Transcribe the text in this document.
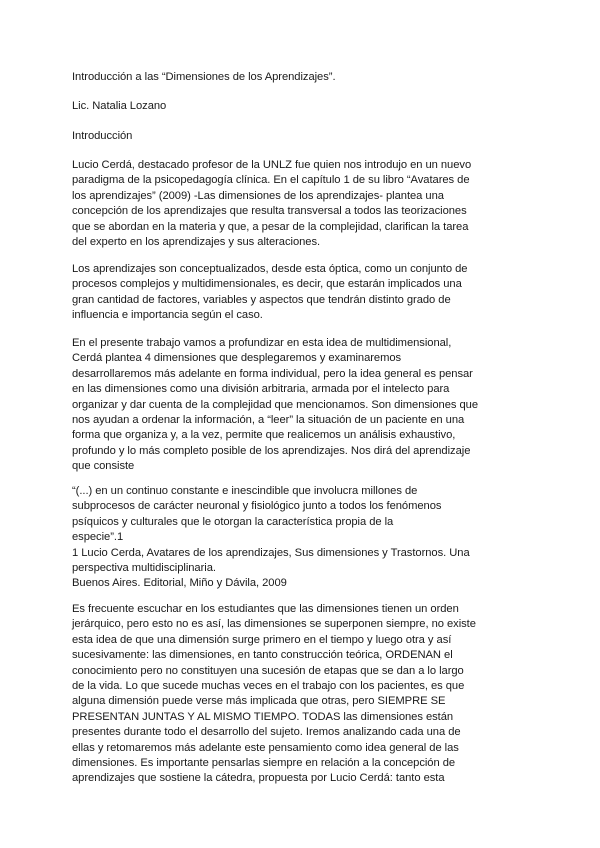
Introducción a las “Dimensiones de los Aprendizajes”.

Lic. Natalia Lozano

Introducción

Lucio Cerdá, destacado profesor de la UNLZ fue quien nos introdujo en un nuevo
paradigma de la psicopedagogía clínica. En el capítulo 1 de su libro “Avatares de
los aprendizajes” (2009) -Las dimensiones de los aprendizajes- plantea una
concepción de los aprendizajes que resulta transversal a todos las teorizaciones
que se abordan en la materia y que, a pesar de la complejidad, clarifican la tarea
del experto en los aprendizajes y sus alteraciones.

Los aprendizajes son conceptualizados, desde esta óptica, como un conjunto de
procesos complejos y multidimensionales, es decir, que estarán implicados una
gran cantidad de factores, variables y aspectos que tendrán distinto grado de
influencia e importancia según el caso.

En el presente trabajo vamos a profundizar en esta idea de multidimensional,
Cerdá plantea 4 dimensiones que desplegaremos y examinaremos
desarrollaremos más adelante en forma individual, pero la idea general es pensar
en las dimensiones como una división arbitraria, armada por el intelecto para
organizar y dar cuenta de la complejidad que mencionamos. Son dimensiones que
nos ayudan a ordenar la información, a “leer” la situación de un paciente en una
forma que organiza y, a la vez, permite que realicemos un análisis exhaustivo,
profundo y lo más completo posible de los aprendizajes. Nos dirá del aprendizaje
que consiste

“(...) en un continuo constante e inescindible que involucra millones de
subprocesos de carácter neuronal y fisiológico junto a todos los fenómenos
psíquicos y culturales que le otorgan la característica propia de la
especie”.1
1 Lucio Cerda, Avatares de los aprendizajes, Sus dimensiones y Trastornos. Una
perspectiva multidisciplinaria.
Buenos Aires. Editorial, Miño y Dávila, 2009

Es frecuente escuchar en los estudiantes que las dimensiones tienen un orden
jerárquico, pero esto no es así, las dimensiones se superponen siempre, no existe
esta idea de que una dimensión surge primero en el tiempo y luego otra y así
sucesivamente: las dimensiones, en tanto construcción teórica, ORDENAN el
conocimiento pero no constituyen una sucesión de etapas que se dan a lo largo
de la vida. Lo que sucede muchas veces en el trabajo con los pacientes, es que
alguna dimensión puede verse más implicada que otras, pero SIEMPRE SE
PRESENTAN JUNTAS Y AL MISMO TIEMPO. TODAS las dimensiones están
presentes durante todo el desarrollo del sujeto. Iremos analizando cada una de
ellas y retomaremos más adelante este pensamiento como idea general de las
dimensiones. Es importante pensarlas siempre en relación a la concepción de
aprendizajes que sostiene la cátedra, propuesta por Lucio Cerdá: tanto esta
